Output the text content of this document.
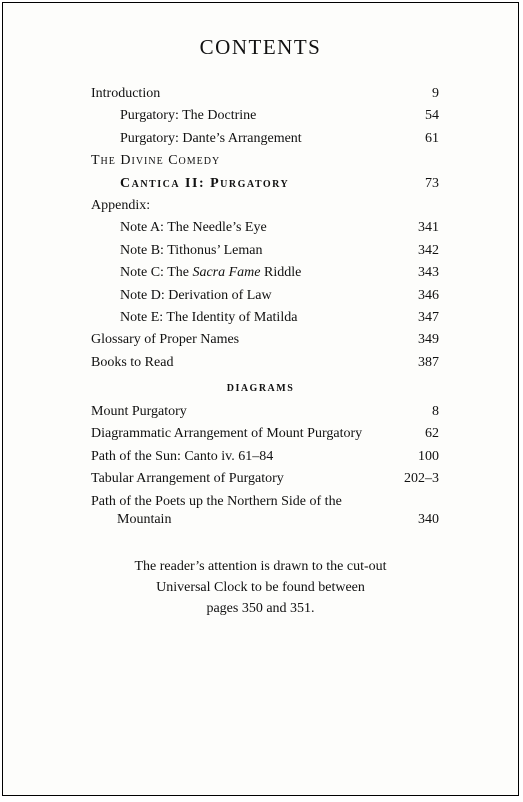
CONTENTS
Introduction	9
Purgatory: The Doctrine	54
Purgatory: Dante’s Arrangement	61
The Divine Comedy
Cantica II: Purgatory	73
Appendix:
Note A: The Needle’s Eye	341
Note B: Tithonus’ Leman	342
Note C: The Sacra Fame Riddle	343
Note D: Derivation of Law	346
Note E: The Identity of Matilda	347
Glossary of Proper Names	349
Books to Read	387
DIAGRAMS
Mount Purgatory	8
Diagrammatic Arrangement of Mount Purgatory	62
Path of the Sun: Canto iv. 61–84	100
Tabular Arrangement of Purgatory	202–3
Path of the Poets up the Northern Side of the
Mountain	340
The reader’s attention is drawn to the cut-out
Universal Clock to be found between
pages 350 and 351.
